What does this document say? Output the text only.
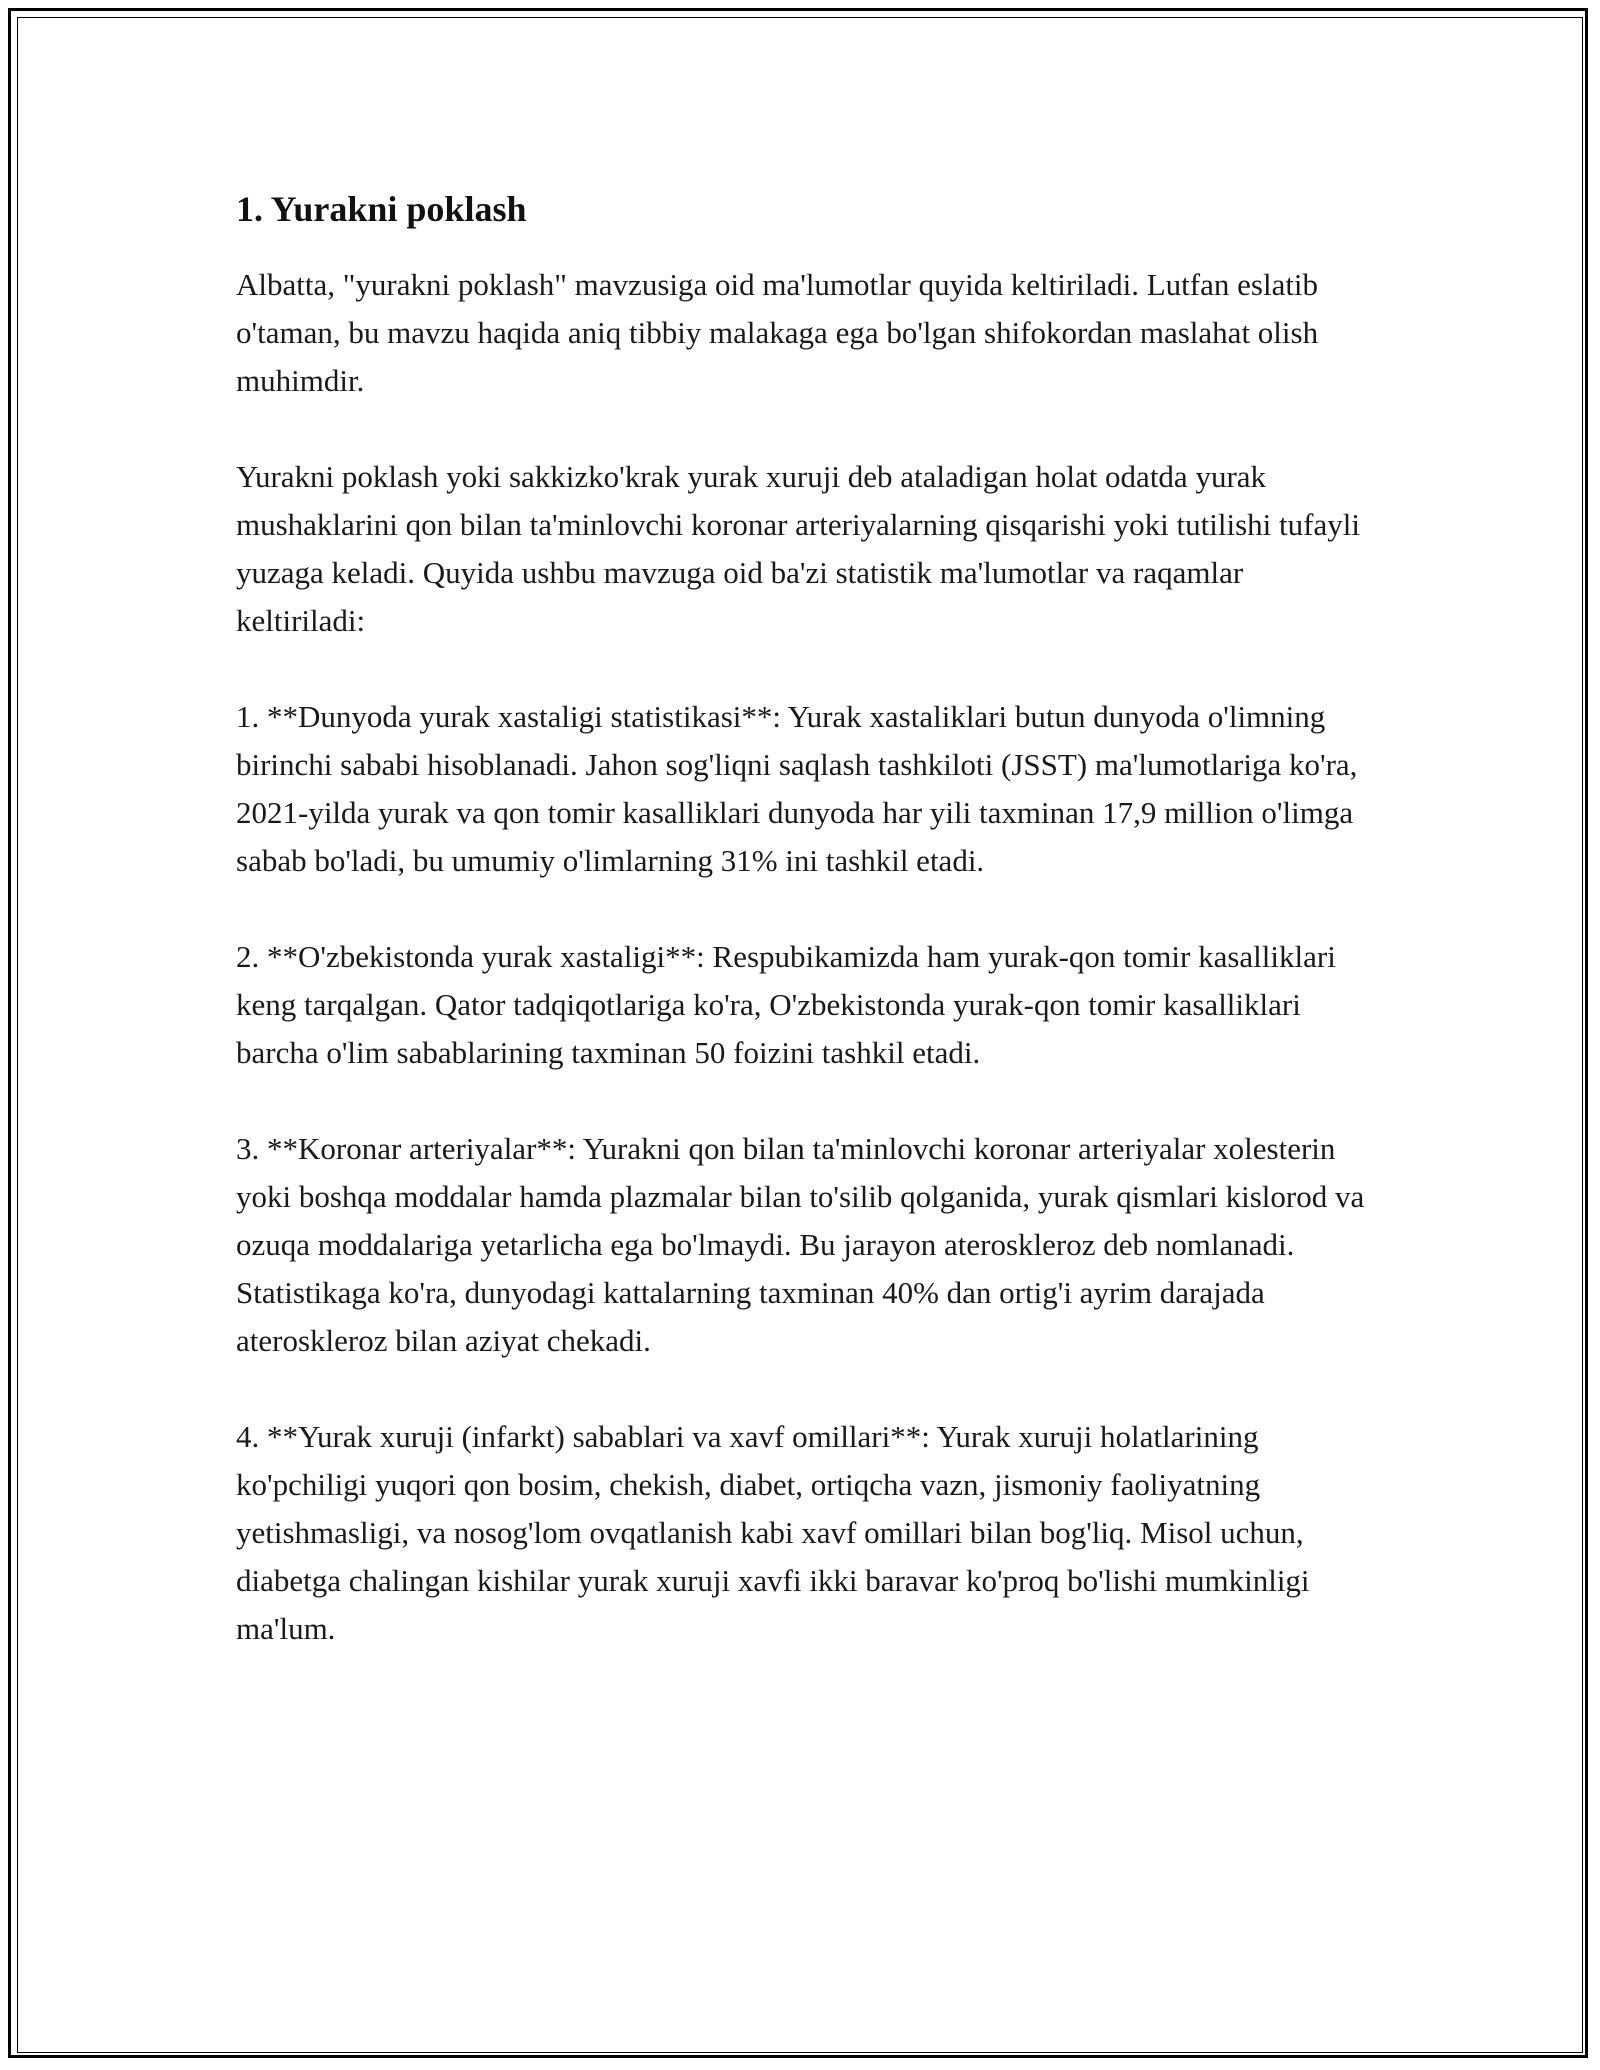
1. Yurakni poklash

Albatta, "yurakni poklash" mavzusiga oid ma'lumotlar quyida keltiriladi. Lutfan eslatib o'taman, bu mavzu haqida aniq tibbiy malakaga ega bo'lgan shifokordan maslahat olish muhimdir.

Yurakni poklash yoki sakkizko'krak yurak xuruji deb ataladigan holat odatda yurak mushaklarini qon bilan ta'minlovchi koronar arteriyalarning qisqarishi yoki tutilishi tufayli yuzaga keladi. Quyida ushbu mavzuga oid ba'zi statistik ma'lumotlar va raqamlar keltiriladi:

1. **Dunyoda yurak xastaligi statistikasi**: Yurak xastaliklari butun dunyoda o'limning birinchi sababi hisoblanadi. Jahon sog'liqni saqlash tashkiloti (JSST) ma'lumotlariga ko'ra, 2021-yilda yurak va qon tomir kasalliklari dunyoda har yili taxminan 17,9 million o'limga sabab bo'ladi, bu umumiy o'limlarning 31% ini tashkil etadi.

2. **O'zbekistonda yurak xastaligi**: Respubikamizda ham yurak-qon tomir kasalliklari keng tarqalgan. Qator tadqiqotlariga ko'ra, O'zbekistonda yurak-qon tomir kasalliklari barcha o'lim sabablarining taxminan 50 foizini tashkil etadi.

3. **Koronar arteriyalar**: Yurakni qon bilan ta'minlovchi koronar arteriyalar xolesterin yoki boshqa moddalar hamda plazmalar bilan to'silib qolganida, yurak qismlari kislorod va ozuqa moddalariga yetarlicha ega bo'lmaydi. Bu jarayon ateroskleroz deb nomlanadi. Statistikaga ko'ra, dunyodagi kattalarning taxminan 40% dan ortig'i ayrim darajada ateroskleroz bilan aziyat chekadi.

4. **Yurak xuruji (infarkt) sabablari va xavf omillari**: Yurak xuruji holatlarining ko'pchiligi yuqori qon bosim, chekish, diabet, ortiqcha vazn, jismoniy faoliyatning yetishmasligi, va nosog'lom ovqatlanish kabi xavf omillari bilan bog'liq. Misol uchun, diabetga chalingan kishilar yurak xuruji xavfi ikki baravar ko'proq bo'lishi mumkinligi ma'lum.
